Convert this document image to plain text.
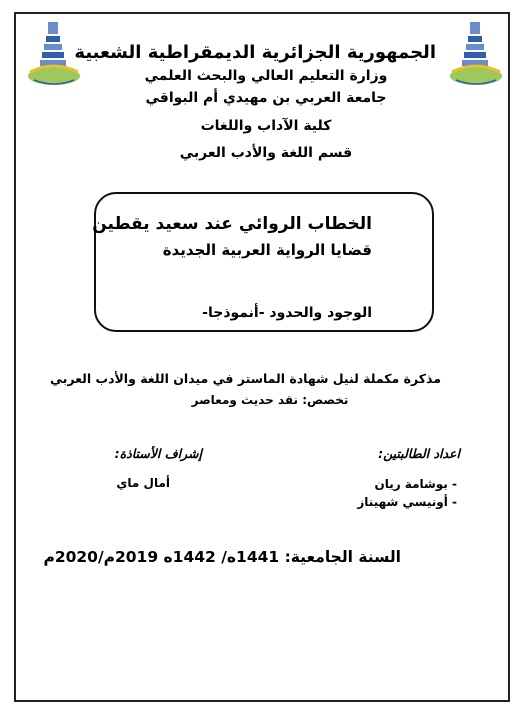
الجمهورية الجزائرية الديمقراطية الشعبية
وزارة التعليم العالي والبحث العلمي
جامعة العربي بن مهيدي أم البواقي
كلية الآداب واللغات
قسم اللغة والأدب العربي
الخطاب الروائي عند سعيد يقطين
قضايا الرواية العربية الجديدة
الوجود والحدود -أنموذجا-
مذكرة مكملة لنيل شهادة الماستر في ميدان اللغة والأدب العربي
تخصص: نقد حديث ومعاصر
اعداد الطالبتين:
إشراف الأستاذة:
- بوشامة ريان
- أونيسي شهيناز
أمال ماي
السنة الجامعية: 1441ه/ 1442ه 2019م/2020م
